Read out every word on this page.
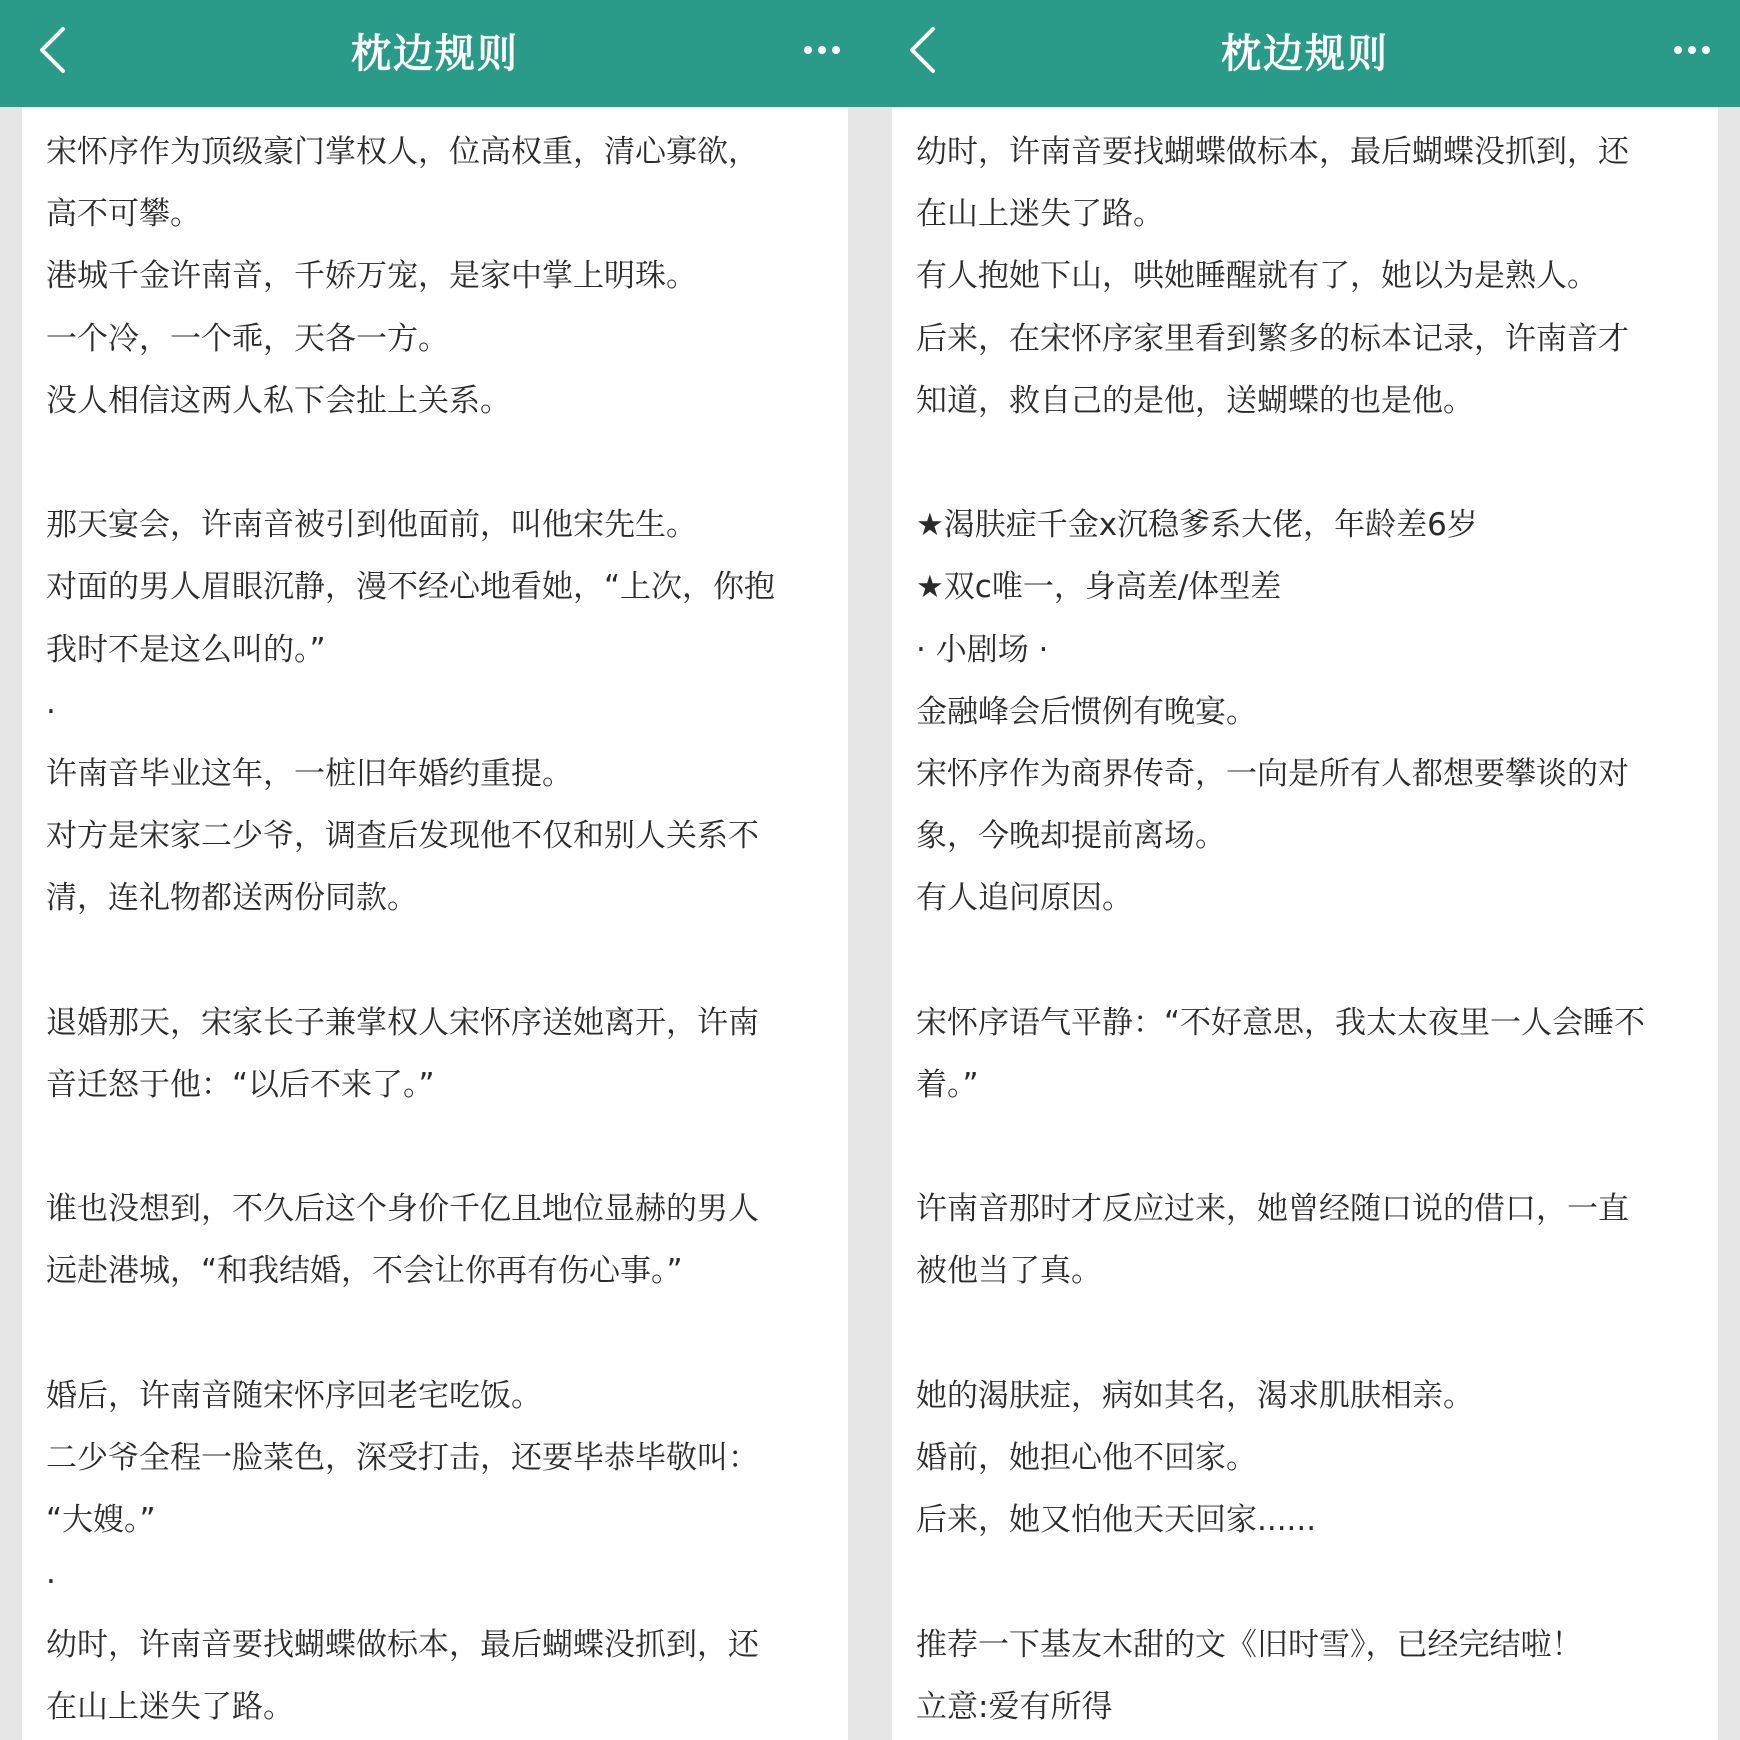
枕边规则
宋怀序作为顶级豪门掌权人，位高权重，清心寡欲，
高不可攀。
港城千金许南音，千娇万宠，是家中掌上明珠。
一个冷，一个乖，天各一方。
没人相信这两人私下会扯上关系。
那天宴会，许南音被引到他面前，叫他宋先生。
对面的男人眉眼沉静，漫不经心地看她，“上次，你抱
我时不是这么叫的。”
·
许南音毕业这年，一桩旧年婚约重提。
对方是宋家二少爷，调查后发现他不仅和别人关系不
清，连礼物都送两份同款。
退婚那天，宋家长子兼掌权人宋怀序送她离开，许南
音迁怒于他：“以后不来了。”
谁也没想到，不久后这个身价千亿且地位显赫的男人
远赴港城，“和我结婚，不会让你再有伤心事。”
婚后，许南音随宋怀序回老宅吃饭。
二少爷全程一脸菜色，深受打击，还要毕恭毕敬叫：
“大嫂。”
·
幼时，许南音要找蝴蝶做标本，最后蝴蝶没抓到，还
在山上迷失了路。
枕边规则
幼时，许南音要找蝴蝶做标本，最后蝴蝶没抓到，还
在山上迷失了路。
有人抱她下山，哄她睡醒就有了，她以为是熟人。
后来，在宋怀序家里看到繁多的标本记录，许南音才
知道，救自己的是他，送蝴蝶的也是他。
★渴肤症千金x沉稳爹系大佬，年龄差6岁
★双c唯一，身高差/体型差
· 小剧场 ·
金融峰会后惯例有晚宴。
宋怀序作为商界传奇，一向是所有人都想要攀谈的对
象，今晚却提前离场。
有人追问原因。
宋怀序语气平静：“不好意思，我太太夜里一人会睡不
着。”
许南音那时才反应过来，她曾经随口说的借口，一直
被他当了真。
她的渴肤症，病如其名，渴求肌肤相亲。
婚前，她担心他不回家。
后来，她又怕他天天回家......
推荐一下基友木甜的文《旧时雪》，已经完结啦！
立意:爱有所得
